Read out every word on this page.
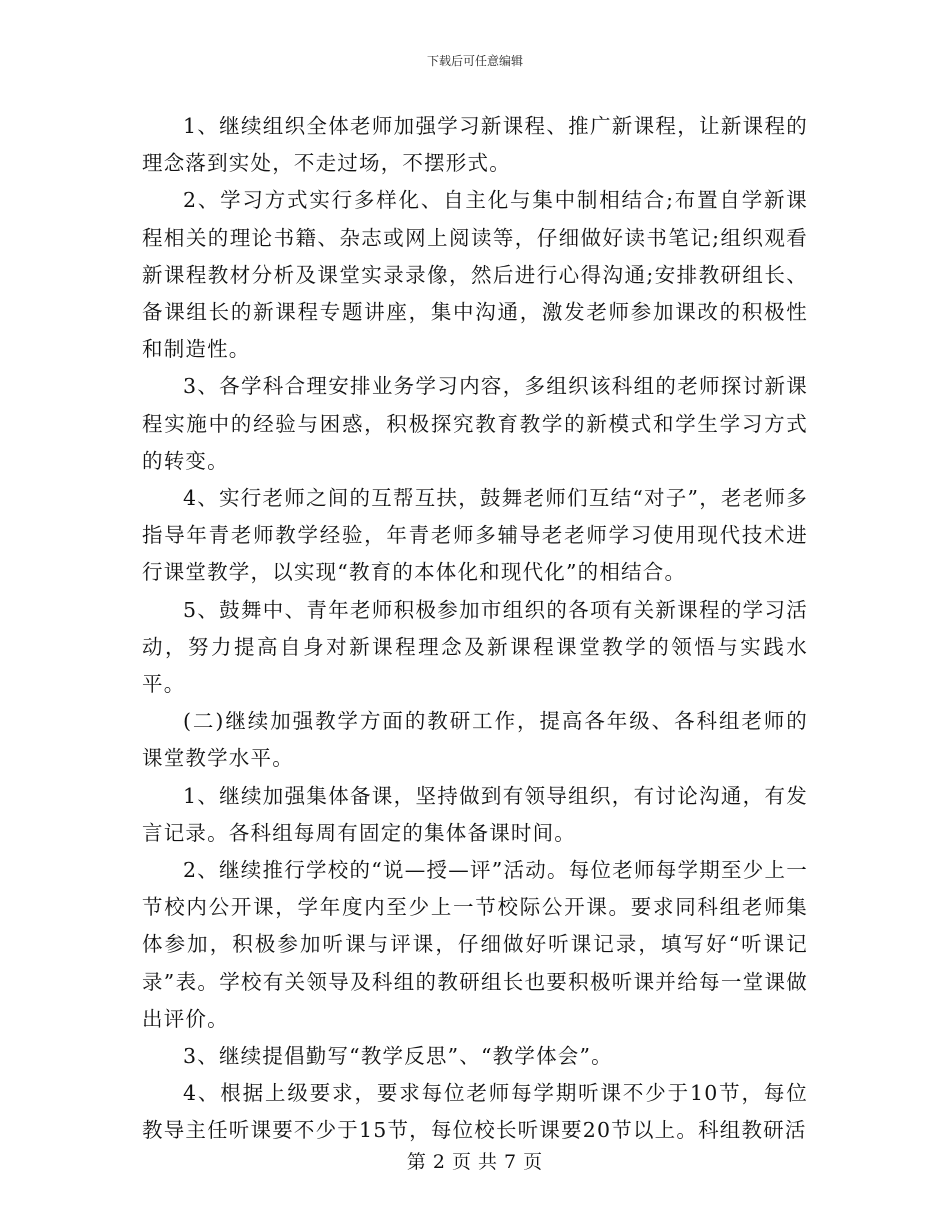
下载后可任意编辑

1、继续组织全体老师加强学习新课程、推广新课程，让新课程的理念落到实处，不走过场，不摆形式。

2、学习方式实行多样化、自主化与集中制相结合;布置自学新课程相关的理论书籍、杂志或网上阅读等，仔细做好读书笔记;组织观看新课程教材分析及课堂实录录像，然后进行心得沟通;安排教研组长、备课组长的新课程专题讲座，集中沟通，激发老师参加课改的积极性和制造性。

3、各学科合理安排业务学习内容，多组织该科组的老师探讨新课程实施中的经验与困惑，积极探究教育教学的新模式和学生学习方式的转变。

4、实行老师之间的互帮互扶，鼓舞老师们互结“对子”，老老师多指导年青老师教学经验，年青老师多辅导老老师学习使用现代技术进行课堂教学，以实现“教育的本体化和现代化”的相结合。

5、鼓舞中、青年老师积极参加市组织的各项有关新课程的学习活动，努力提高自身对新课程理念及新课程课堂教学的领悟与实践水平。

(二)继续加强教学方面的教研工作，提高各年级、各科组老师的课堂教学水平。

1、继续加强集体备课，坚持做到有领导组织，有讨论沟通，有发言记录。各科组每周有固定的集体备课时间。

2、继续推行学校的“说—授—评”活动。每位老师每学期至少上一节校内公开课，学年度内至少上一节校际公开课。要求同科组老师集体参加，积极参加听课与评课，仔细做好听课记录，填写好“听课记录”表。学校有关领导及科组的教研组长也要积极听课并给每一堂课做出评价。

3、继续提倡勤写“教学反思”、“教学体会”。

4、根据上级要求，要求每位老师每学期听课不少于10节，每位教导主任听课要不少于15节，每位校长听课要20节以上。科组教研活

第 2 页 共 7 页
